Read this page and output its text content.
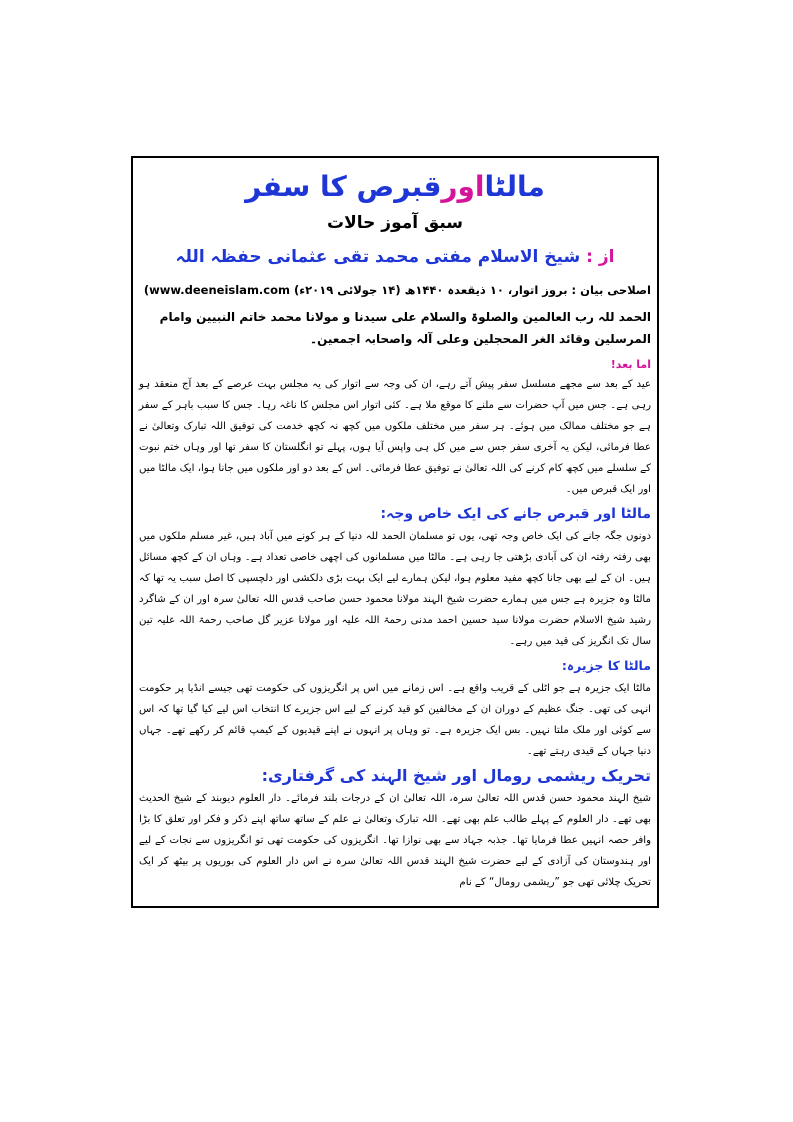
مالٹااورقبرص کا سفر
سبق آموز حالات
از : شیخ الاسلام مفتی محمد تقی عثمانی حفظہ اللہ
اصلاحی بیان : بروز اتوار، ۱۰ ذیقعدہ ۱۴۴۰ھ (۱۴ جولائی ۲۰۱۹ء) (www.deeneislam.com
الحمد للہ رب العالمین والصلوۃ والسلام علی سیدنا و مولانا محمد خاتم النبیین وامام المرسلین وقائد الغر المحجلین وعلی آلہ واصحابہ اجمعین۔
اما بعد!
عید کے بعد سے مجھے مسلسل سفر پیش آتے رہے، ان کی وجہ سے اتوار کی یہ مجلس بہت عرصے کے بعد آج منعقد ہو رہی ہے۔ جس میں آپ حضرات سے ملنے کا موقع ملا ہے۔ کئی اتوار اس مجلس کا ناغہ رہا۔ جس کا سبب باہر کے سفر ہے جو مختلف ممالک میں ہوئے۔ ہر سفر میں مختلف ملکوں میں کچھ نہ کچھ خدمت کی توفیق اللہ تبارک وتعالیٰ نے عطا فرمائی، لیکن یہ آخری سفر جس سے میں کل ہی واپس آیا ہوں، پہلے تو انگلستان کا سفر تھا اور وہاں ختم نبوت کے سلسلے میں کچھ کام کرنے کی اللہ تعالیٰ نے توفیق عطا فرمائی۔ اس کے بعد دو اور ملکوں میں جانا ہوا، ایک مالٹا میں اور ایک قبرص میں۔
مالٹا اور قبرص جانے کی ایک خاص وجہ:
دونوں جگہ جانے کی ایک خاص وجہ تھی، یوں تو مسلمان الحمد للہ دنیا کے ہر کونے میں آباد ہیں، غیر مسلم ملکوں میں بھی رفتہ رفتہ ان کی آبادی بڑھتی جا رہی ہے۔ مالٹا میں مسلمانوں کی اچھی خاصی تعداد ہے۔ وہاں ان کے کچھ مسائل ہیں۔ ان کے لیے بھی جانا کچھ مفید معلوم ہوا، لیکن ہمارے لیے ایک بہت بڑی دلکشی اور دلچسپی کا اصل سبب یہ تھا کہ مالٹا وہ جزیرہ ہے جس میں ہمارے حضرت شیخ الہند مولانا محمود حسن صاحب قدس اللہ تعالیٰ سرہ اور ان کے شاگرد رشید شیخ الاسلام حضرت مولانا سید حسین احمد مدنی رحمۃ اللہ علیہ اور مولانا عزیر گل صاحب رحمۃ اللہ علیہ تین سال تک انگریز کی قید میں رہے۔
مالٹا کا جزیرہ:
مالٹا ایک جزیرہ ہے جو اٹلی کے قریب واقع ہے۔ اس زمانے میں اس پر انگریزوں کی حکومت تھی جیسے انڈیا پر حکومت انہی کی تھی۔ جنگ عظیم کے دوران ان کے مخالفین کو قید کرنے کے لیے اس جزیرے کا انتخاب اس لیے کیا گیا تھا کہ اس سے کوئی اور ملک ملتا نہیں۔ بس ایک جزیرہ ہے۔ تو وہاں پر انہوں نے اپنے قیدیوں کے کیمپ قائم کر رکھے تھے۔ جہاں دنیا جہاں کے قیدی رہتے تھے۔
تحریک ریشمی رومال اور شیخ الہند کی گرفتاری:
شیخ الہند محمود حسن قدس اللہ تعالیٰ سرہ، اللہ تعالیٰ ان کے درجات بلند فرمائے۔ دار العلوم دیوبند کے شیخ الحدیث بھی تھے۔ دار العلوم کے پہلے طالب علم بھی تھے۔ اللہ تبارک وتعالیٰ نے علم کے ساتھ ساتھ اپنے ذکر و فکر اور تعلق کا بڑا وافر حصہ انہیں عطا فرمایا تھا۔ جذبہ جہاد سے بھی نوازا تھا۔ انگریزوں کی حکومت تھی تو انگریزوں سے نجات کے لیے اور ہندوستان کی آزادی کے لیے حضرت شیخ الہند قدس اللہ تعالیٰ سرہ نے اس دار العلوم کی بوریوں پر بیٹھ کر ایک تحریک چلائی تھی جو ”ریشمی رومال“ کے نام
